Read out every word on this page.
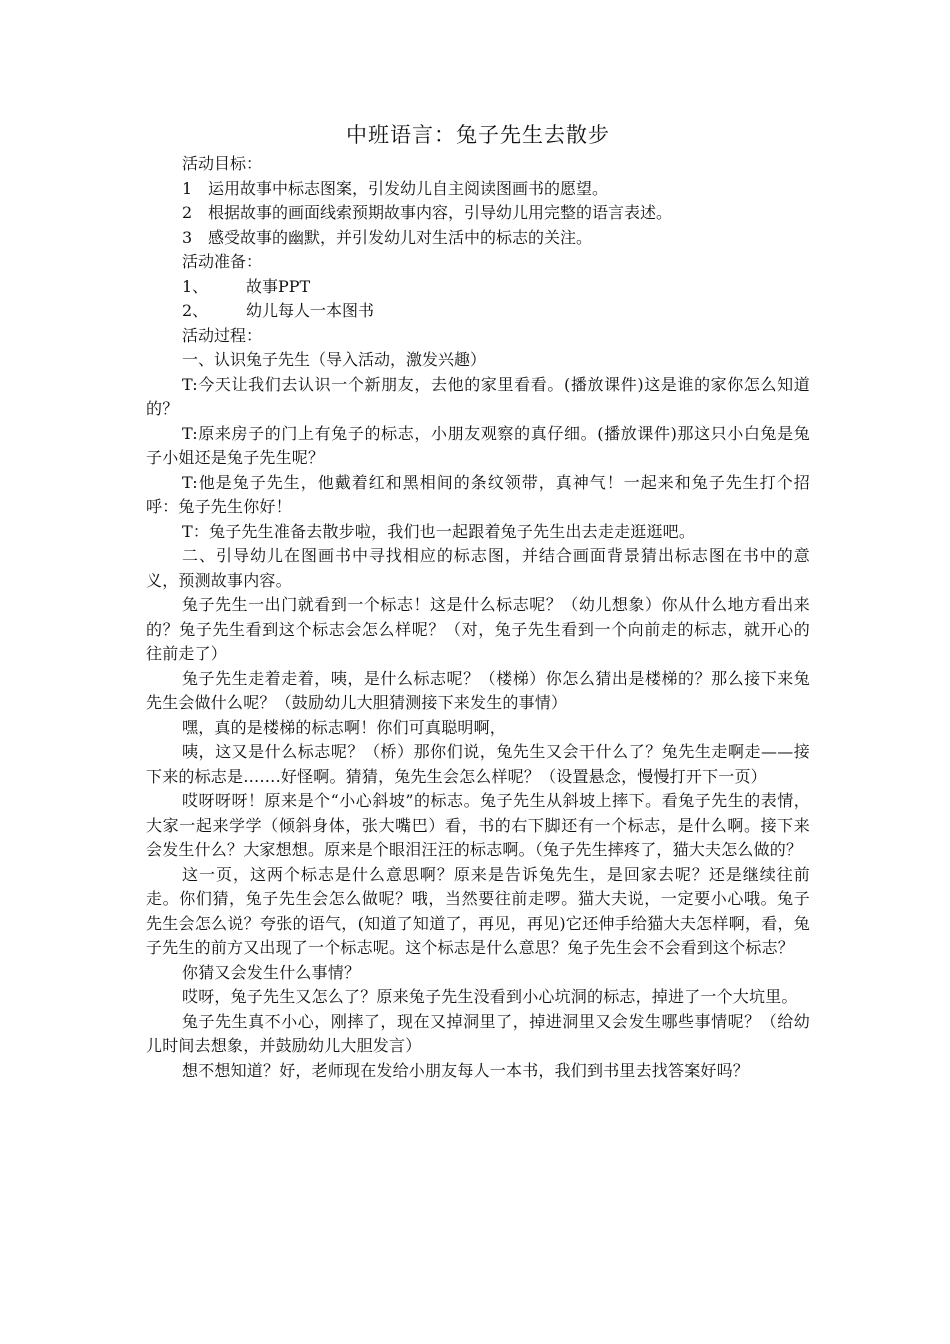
中班语言：兔子先生去散步

活动目标：

1 运用故事中标志图案，引发幼儿自主阅读图画书的愿望。

2 根据故事的画面线索预期故事内容，引导幼儿用完整的语言表述。

3 感受故事的幽默，并引发幼儿对生活中的标志的关注。

活动准备：

1、 故事PPT

2、 幼儿每人一本图书

活动过程：

一、认识兔子先生（导入活动，激发兴趣）

T:今天让我们去认识一个新朋友，去他的家里看看。(播放课件)这是谁的家你怎么知道的？

T:原来房子的门上有兔子的标志，小朋友观察的真仔细。(播放课件)那这只小白兔是兔子小姐还是兔子先生呢？

T:他是兔子先生，他戴着红和黑相间的条纹领带，真神气！一起来和兔子先生打个招呼：兔子先生你好！

T：兔子先生准备去散步啦，我们也一起跟着兔子先生出去走走逛逛吧。

二、引导幼儿在图画书中寻找相应的标志图，并结合画面背景猜出标志图在书中的意义，预测故事内容。

兔子先生一出门就看到一个标志！这是什么标志呢？（幼儿想象）你从什么地方看出来的？兔子先生看到这个标志会怎么样呢？（对，兔子先生看到一个向前走的标志，就开心的往前走了）

兔子先生走着走着，咦，是什么标志呢？（楼梯）你怎么猜出是楼梯的？那么接下来兔先生会做什么呢？（鼓励幼儿大胆猜测接下来发生的事情）

嘿，真的是楼梯的标志啊！你们可真聪明啊，

咦，这又是什么标志呢？（桥）那你们说，兔先生又会干什么了？兔先生走啊走——接下来的标志是…….好怪啊。猜猜，兔先生会怎么样呢？（设置悬念，慢慢打开下一页）

哎呀呀呀！原来是个“小心斜坡”的标志。兔子先生从斜坡上摔下。看兔子先生的表情，大家一起来学学（倾斜身体，张大嘴巴）看，书的右下脚还有一个标志，是什么啊。接下来会发生什么？大家想想。原来是个眼泪汪汪的标志啊。（兔子先生摔疼了，猫大夫怎么做的？

这一页，这两个标志是什么意思啊？原来是告诉兔先生，是回家去呢？还是继续往前走。你们猜，兔子先生会怎么做呢？哦，当然要往前走啰。猫大夫说，一定要小心哦。兔子先生会怎么说？夸张的语气，(知道了知道了，再见，再见)它还伸手给猫大夫怎样啊，看，兔子先生的前方又出现了一个标志呢。这个标志是什么意思？兔子先生会不会看到这个标志？

你猜又会发生什么事情？

哎呀，兔子先生又怎么了？原来兔子先生没看到小心坑洞的标志，掉进了一个大坑里。

兔子先生真不小心，刚摔了，现在又掉洞里了，掉进洞里又会发生哪些事情呢？（给幼儿时间去想象，并鼓励幼儿大胆发言）

想不想知道？好，老师现在发给小朋友每人一本书，我们到书里去找答案好吗？
